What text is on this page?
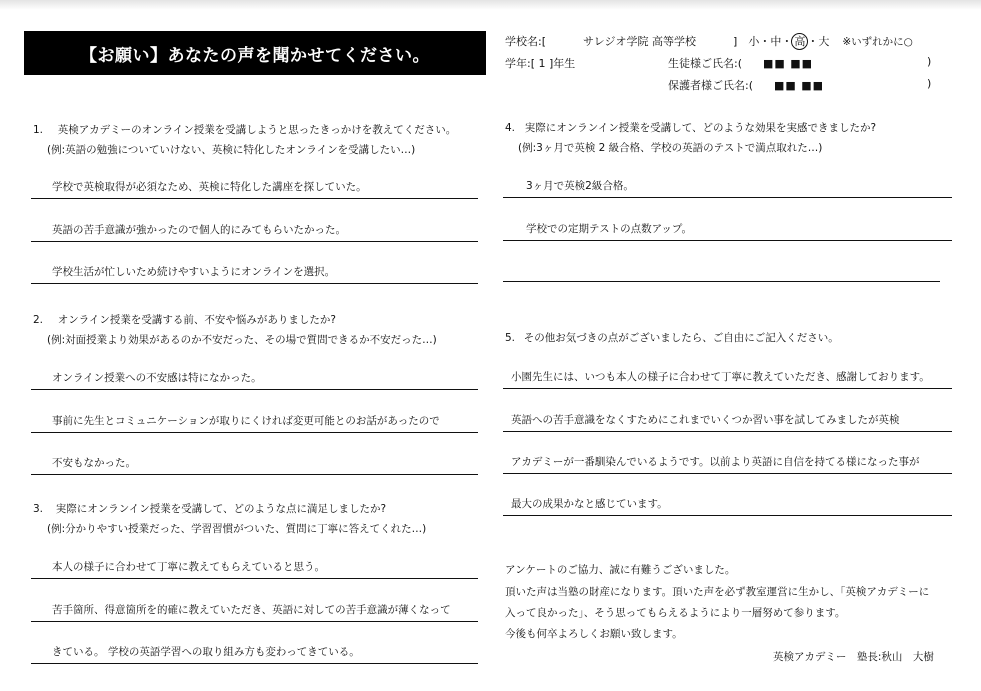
【お願い】あなたの声を聞かせてください。
学校名:[	サレジオ学院 高等学校	] 小・中・ 高 ・大 ※いずれかに○
学年:[ 1 ]年生	生徒様ご氏名:( ■■ ■■	)
保護者様ご氏名:( ■■ ■■	)
1. 英検アカデミーのオンライン授業を受講しようと思ったきっかけを教えてください。
(例:英語の勉強についていけない、英検に特化したオンラインを受講したい…)
学校で英検取得が必須なため、英検に特化した講座を探していた。
英語の苦手意識が強かったので個人的にみてもらいたかった。
学校生活が忙しいため続けやすいようにオンラインを選択。
2. オンライン授業を受講する前、不安や悩みがありましたか?
(例:対面授業より効果があるのか不安だった、その場で質問できるか不安だった…)
オンライン授業への不安感は特になかった。
事前に先生とコミュニケーションが取りにくければ変更可能とのお話があったので
不安もなかった。
3. 実際にオンランイン授業を受講して、どのような点に満足しましたか?
(例:分かりやすい授業だった、学習習慣がついた、質問に丁寧に答えてくれた…)
本人の様子に合わせて丁寧に教えてもらえていると思う。
苦手箇所、得意箇所を的確に教えていただき、英語に対しての苦手意識が薄くなって
きている。 学校の英語学習への取り組み方も変わってきている。
4. 実際にオンランイン授業を受講して、どのような効果を実感できましたか?
(例:3ヶ月で英検 2 級合格、学校の英語のテストで満点取れた…)
3ヶ月で英検2級合格。
学校での定期テストの点数アップ。
5. その他お気づきの点がございましたら、ご自由にご記入ください。
小園先生には、いつも本人の様子に合わせて丁寧に教えていただき、感謝しております。
英語への苦手意識をなくすためにこれまでいくつか習い事を試してみましたが英検
アカデミーが一番馴染んでいるようです。以前より英語に自信を持てる様になった事が
最大の成果かなと感じています。
アンケートのご協力、誠に有難うございました。
頂いた声は当塾の財産になります。頂いた声を必ず教室運営に生かし、「英検アカデミーに
入って良かった」、そう思ってもらえるようにより一層努めて参ります。
今後も何卒よろしくお願い致します。
英検アカデミー　塾長:秋山　大樹
